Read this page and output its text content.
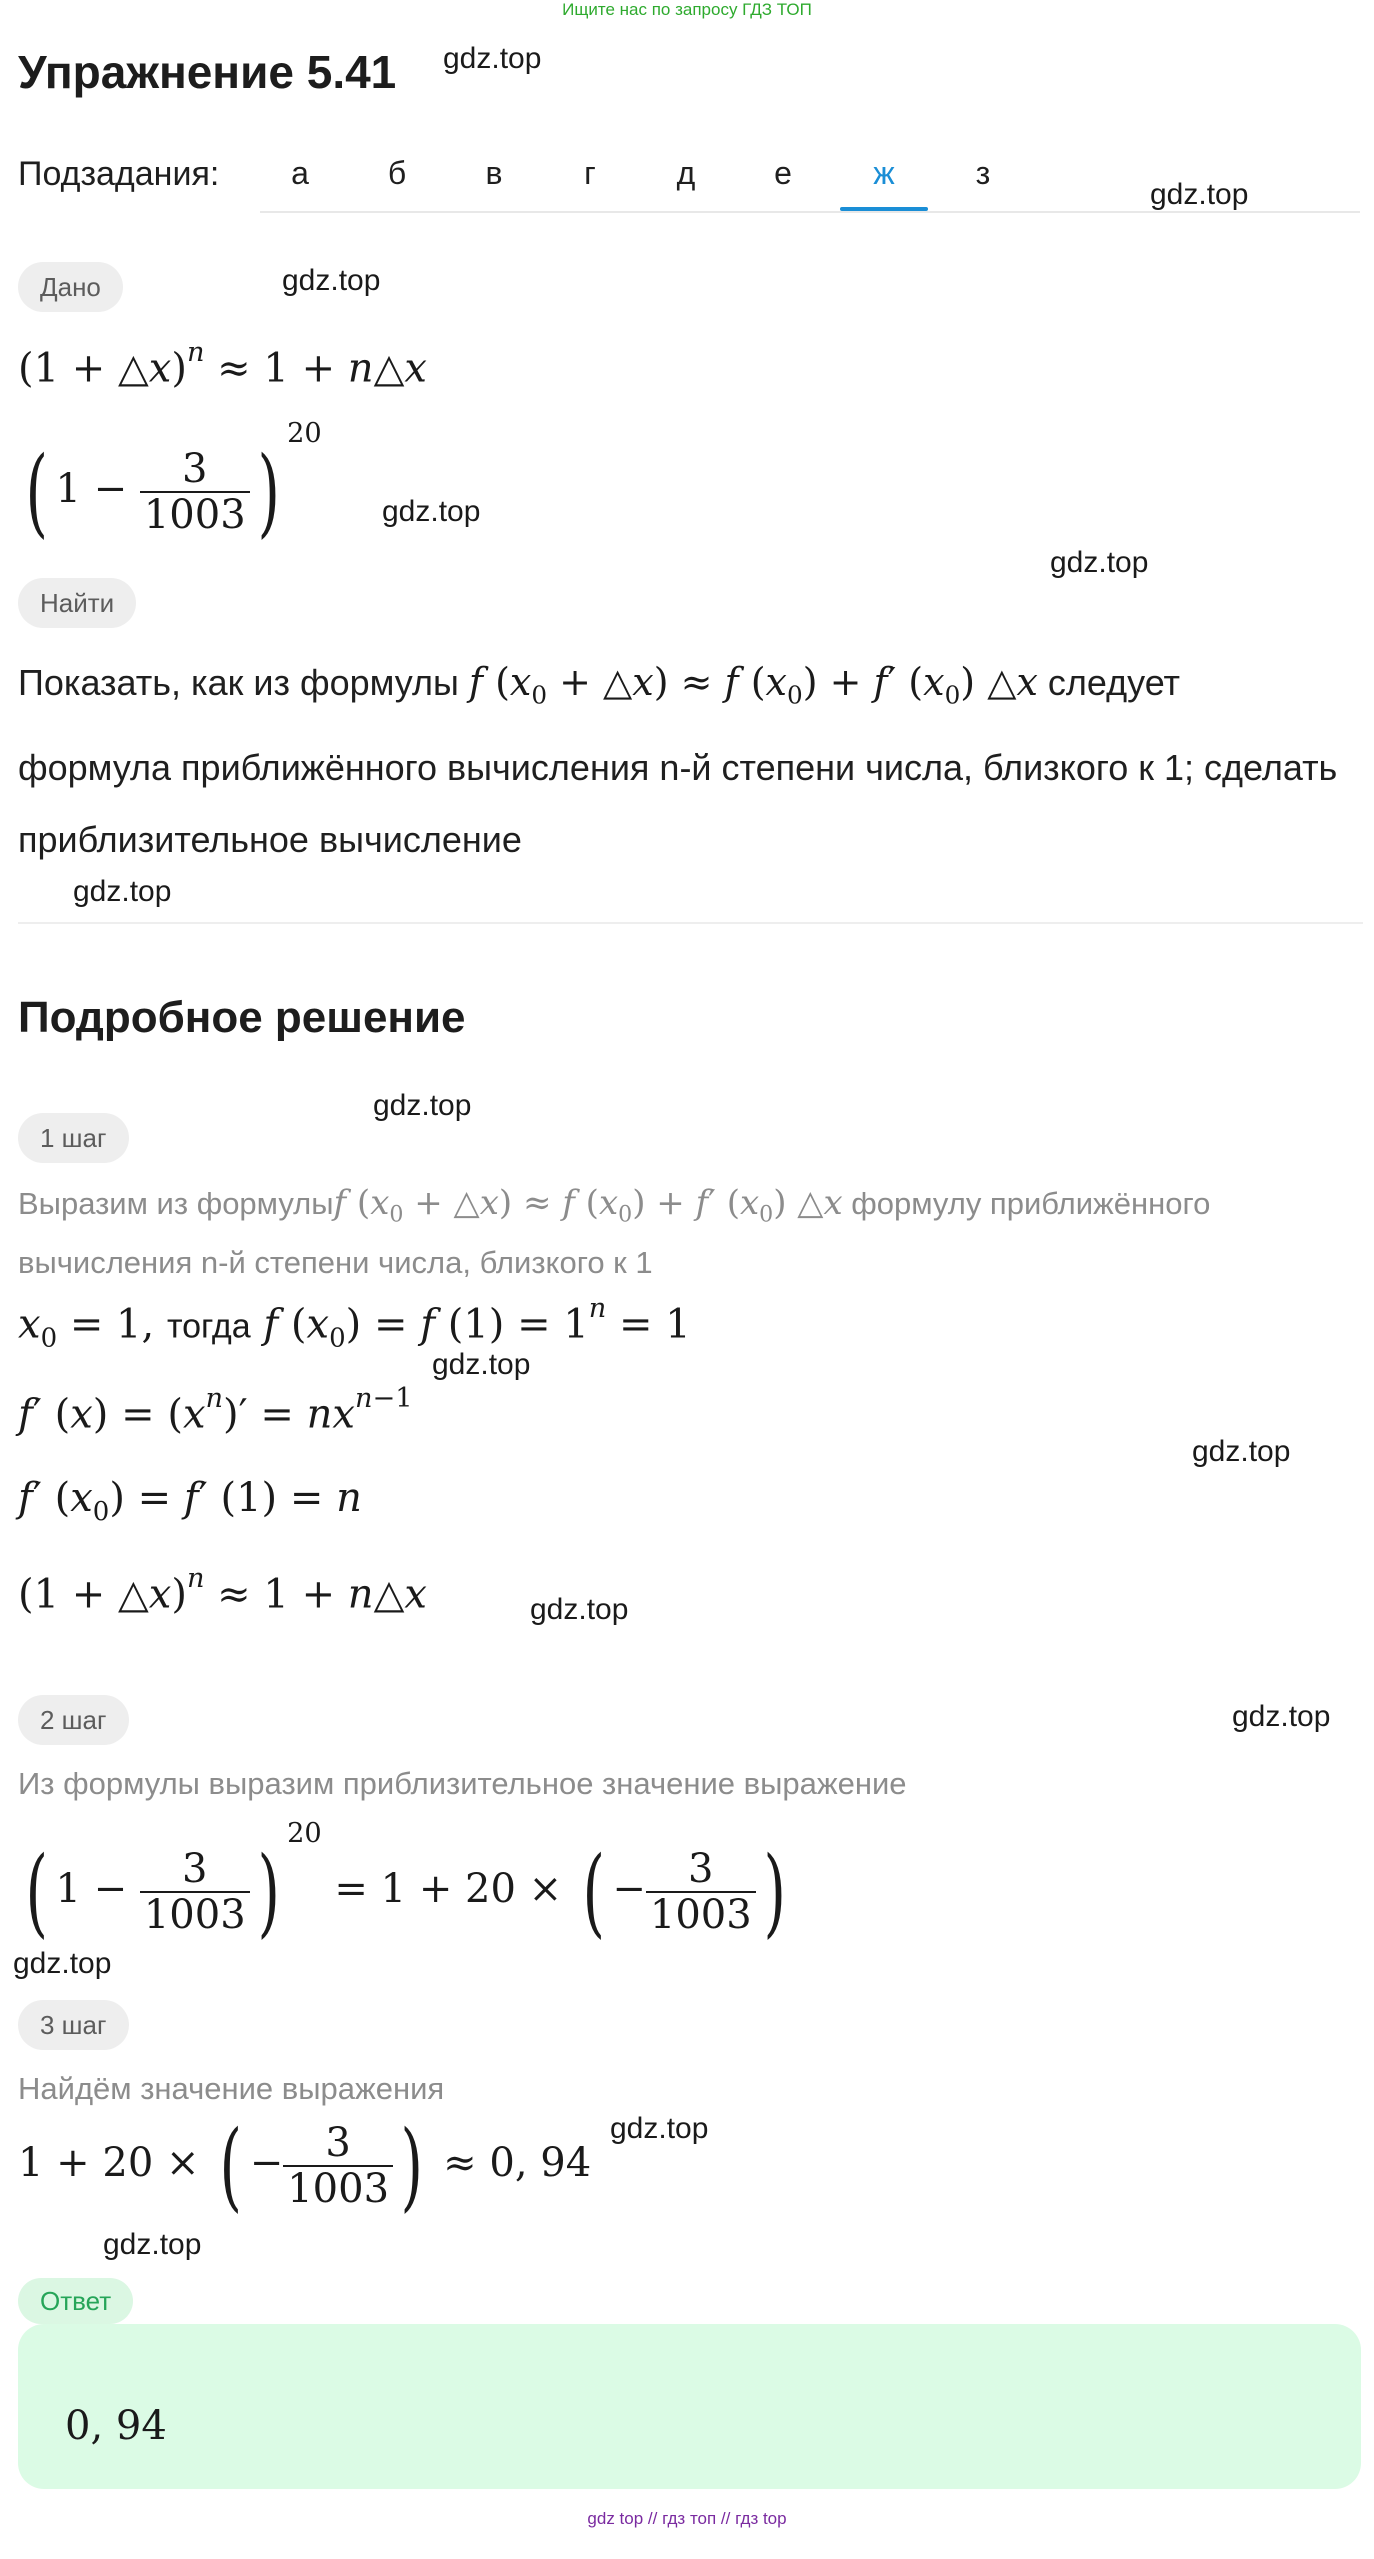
Ищите нас по запросу ГДЗ ТОП
Упражнение 5.41 gdz.top
gdz.top
gdz.top
gdz.top
gdz.top
gdz.top
gdz.top
gdz.top
gdz.top
gdz.top
gdz.top
gdz.top
gdz.top
gdz.top
Подзадания:	а	б	в	г	д	е	ж	з
Дано
(1 + △x)$^n$ ≈ 1 + n△x
( $1 - \frac{3}{1003} )^{20}$
Найти
Показать, как из формулы f ($x_0$ + △x) ≈ f $(x_0) + f'$ $(x_0)$ △x следует
формула приближённого вычисления n-й степени числа, близкого к 1; сделать
приблизительное вычисление
Подробное решение
1 шаг
Выразим из формулыf ($x_0$ + △x) ≈ f $(x_0) + f'$ $(x_0)$ △x формулу приближённого
вычисления n-й степени числа, близкого к 1
$x_0 = 1$, тогда f $(x_0) = f$ $(1) = 1^n = 1$
f′ $(x) = (x^n)' = nx^{n-1}$
f′ $(x_0) = f'$ (1) = n
(1 + △x)$^n$ ≈ 1 + n△x
2 шаг
Из формулы выразим приблизительное значение выражение
( $1 - \frac{3}{1003} )^{20} = 1 + 20$ × ( − $\frac{3}{1003}$ )
3 шаг
Найдём значение выражения
1 + 20 × ( − $\frac{3}{1003}$ ) ≈ 0, 94
Ответ
0, 94
gdz top // гдз топ // гдз top
